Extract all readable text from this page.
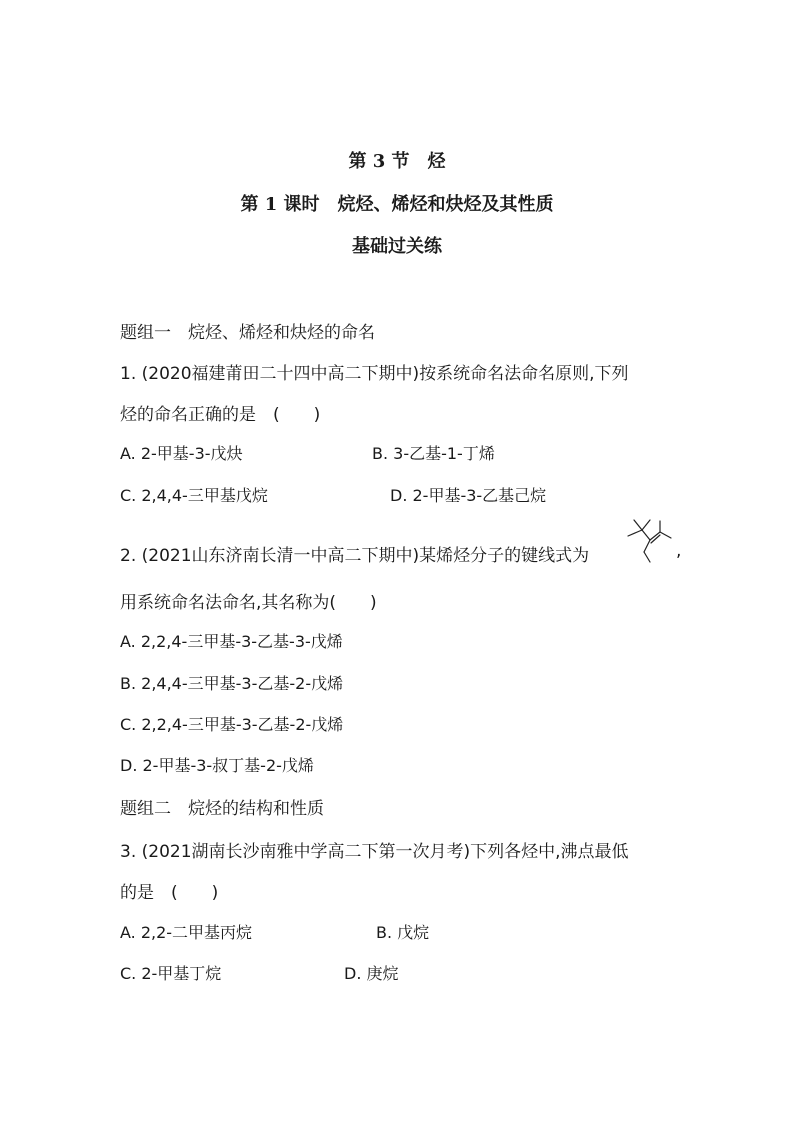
第 3 节　烃
第 1 课时　烷烃、烯烃和炔烃及其性质
基础过关练
题组一　烷烃、烯烃和炔烃的命名
1. (2020福建莆田二十四中高二下期中)按系统命名法命名原则,下列
烃的命名正确的是　(　　)
A. 2-甲基-3-戊炔	B. 3-乙基-1-丁烯
C. 2,4,4-三甲基戊烷	D. 2-甲基-3-乙基己烷
2. (2021山东济南长清一中高二下期中)某烯烃分子的键线式为	,
用系统命名法命名,其名称为(　　)
A. 2,2,4-三甲基-3-乙基-3-戊烯
B. 2,4,4-三甲基-3-乙基-2-戊烯
C. 2,2,4-三甲基-3-乙基-2-戊烯
D. 2-甲基-3-叔丁基-2-戊烯
题组二　烷烃的结构和性质
3. (2021湖南长沙南雅中学高二下第一次月考)下列各烃中,沸点最低
的是　(　　)
A. 2,2-二甲基丙烷	B. 戊烷
C. 2-甲基丁烷	D. 庚烷
